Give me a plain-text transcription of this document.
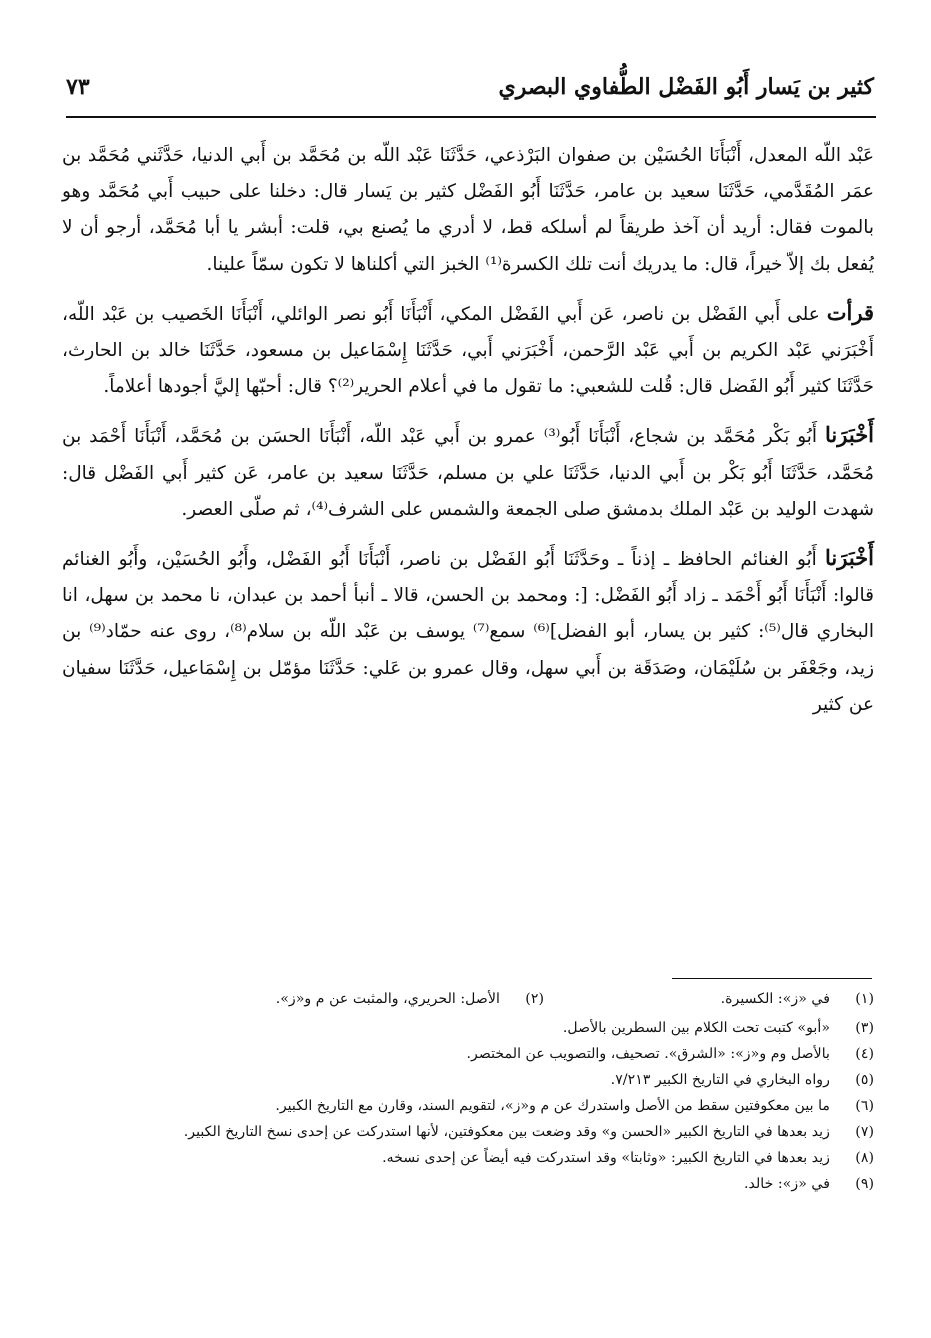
كثير بن يَسار أَبُو الفَضْل الطُّفاوي البصري
٧٣

عَبْد اللّه المعدل، أَنْبَأَنَا الحُسَيْن بن صفوان البَرْذعي، حَدَّثَنَا عَبْد اللّه بن مُحَمَّد بن أَبي الدنيا، حَدَّثَني مُحَمَّد بن عمَر المُقَدَّمي، حَدَّثَنَا سعيد بن عامر، حَدَّثَنَا أَبُو الفَضْل كثير بن يَسار قال: دخلنا على حبيب أَبي مُحَمَّد وهو بالموت فقال: أريد أن آخذ طريقاً لم أسلكه قط، لا أدري ما يُصنع بي، قلت: أبشر يا أبا مُحَمَّد، أرجو أن لا يُفعل بك إلاّ خيراً، قال: ما يدريك أنت تلك الكسرة⁽¹⁾ الخبز التي أكلناها لا تكون سمّاً علينا.

قرأت على أَبي الفَضْل بن ناصر، عَن أَبي الفَضْل المكي، أَنْبَأَنَا أَبُو نصر الوائلي، أَنْبَأَنَا الخَصيب بن عَبْد اللّه، أَخْبَرَني عَبْد الكريم بن أَبي عَبْد الرَّحمن، أَخْبَرَني أَبي، حَدَّثَنَا إِسْمَاعيل بن مسعود، حَدَّثَنَا خالد بن الحارث، حَدَّثَنَا كثير أَبُو الفَضل قال: قُلت للشعبي: ما تقول ما في أعلام الحرير⁽²⁾؟ قال: أحبّها إليَّ أجودها أعلاماً.

أَخْبَرَنا أَبُو بَكْر مُحَمَّد بن شجاع، أَنْبَأَنَا أَبُو⁽³⁾ عمرو بن أَبي عَبْد اللّه، أَنْبَأَنَا الحسَن بن مُحَمَّد، أَنْبَأَنَا أَحْمَد بن مُحَمَّد، حَدَّثَنَا أَبُو بَكْر بن أَبي الدنيا، حَدَّثَنَا علي بن مسلم، حَدَّثَنَا سعيد بن عامر، عَن كثير أَبي الفَضْل قال: شهدت الوليد بن عَبْد الملك بدمشق صلى الجمعة والشمس على الشرف⁽⁴⁾، ثم صلّى العصر.

أَخْبَرَنا أَبُو الغنائم الحافظ ـ إذناً ـ وحَدَّثَنَا أَبُو الفَضْل بن ناصر، أَنْبَأَنَا أَبُو الفَضْل، وأَبُو الحُسَيْن، وأَبُو الغنائم قالوا: أَنْبَأَنَا أَبُو أَحْمَد ـ زاد أَبُو الفَضْل: [: ومحمد بن الحسن، قالا ـ أنبأ أحمد بن عبدان، نا محمد بن سهل، انا البخاري قال⁽⁵⁾: كثير بن يسار، أبو الفضل]⁽⁶⁾ سمع⁽⁷⁾ يوسف بن عَبْد اللّه بن سلام⁽⁸⁾، روى عنه حمّاد⁽⁹⁾ بن زيد، وجَعْفَر بن سُلَيْمَان، وصَدَقَة بن أَبي سهل، وقال عمرو بن عَلي: حَدَّثَنَا مؤمّل بن إِسْمَاعيل، حَدَّثَنَا سفيان عن كثير

(١)
في «ز»: الكسيرة.
(٢)
الأصل: الحريري، والمثبت عن م و«ز».
(٣)
«أبو» كتبت تحت الكلام بين السطرين بالأصل.
(٤)
بالأصل وم و«ز»: «الشرق». تصحيف، والتصويب عن المختصر.
(٥)
رواه البخاري في التاريخ الكبير ٧/٢١٣.
(٦)
ما بين معكوفتين سقط من الأصل واستدرك عن م و«ز»، لتقويم السند، وقارن مع التاريخ الكبير.
(٧)
زيد بعدها في التاريخ الكبير «الحسن و» وقد وضعت بين معكوفتين، لأنها استدركت عن إحدى نسخ التاريخ الكبير.
(٨)
زيد بعدها في التاريخ الكبير: «وثابتا» وقد استدركت فيه أيضاً عن إحدى نسخه.
(٩)
في «ز»: خالد.
